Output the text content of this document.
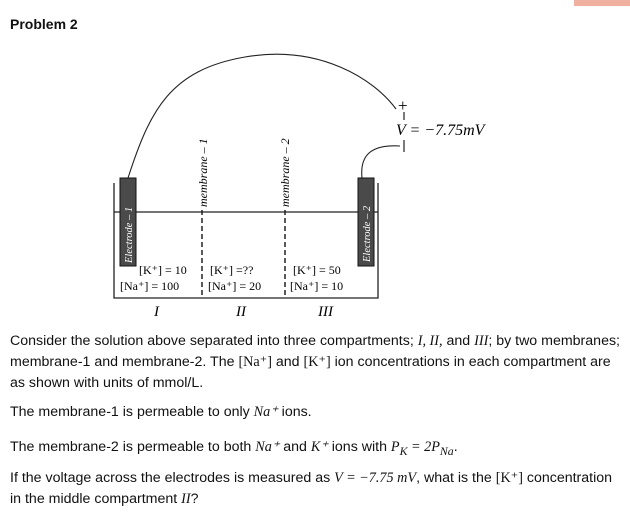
Problem 2
+
V = −7.75mV
Electrode – 1	Electrode – 2
membrane – 1	membrane – 2
[K⁺] = 10
[Na⁺] = 100
[K⁺] =??
[Na⁺] = 20
[K⁺] = 50
[Na⁺] = 10
I	II	III
Consider the solution above separated into three compartments; I, II, and III; by two membranes; membrane-1 and membrane-2. The [Na⁺] and [K⁺] ion concentrations in each compartment are as shown with units of mmol/L.
The membrane-1 is permeable to only Na⁺ ions.
The membrane-2 is permeable to both Na⁺ and K⁺ ions with $P_K = 2P_{Na}$.
If the voltage across the electrodes is measured as V = −7.75 mV, what is the [K⁺] concentration in the middle compartment II?
